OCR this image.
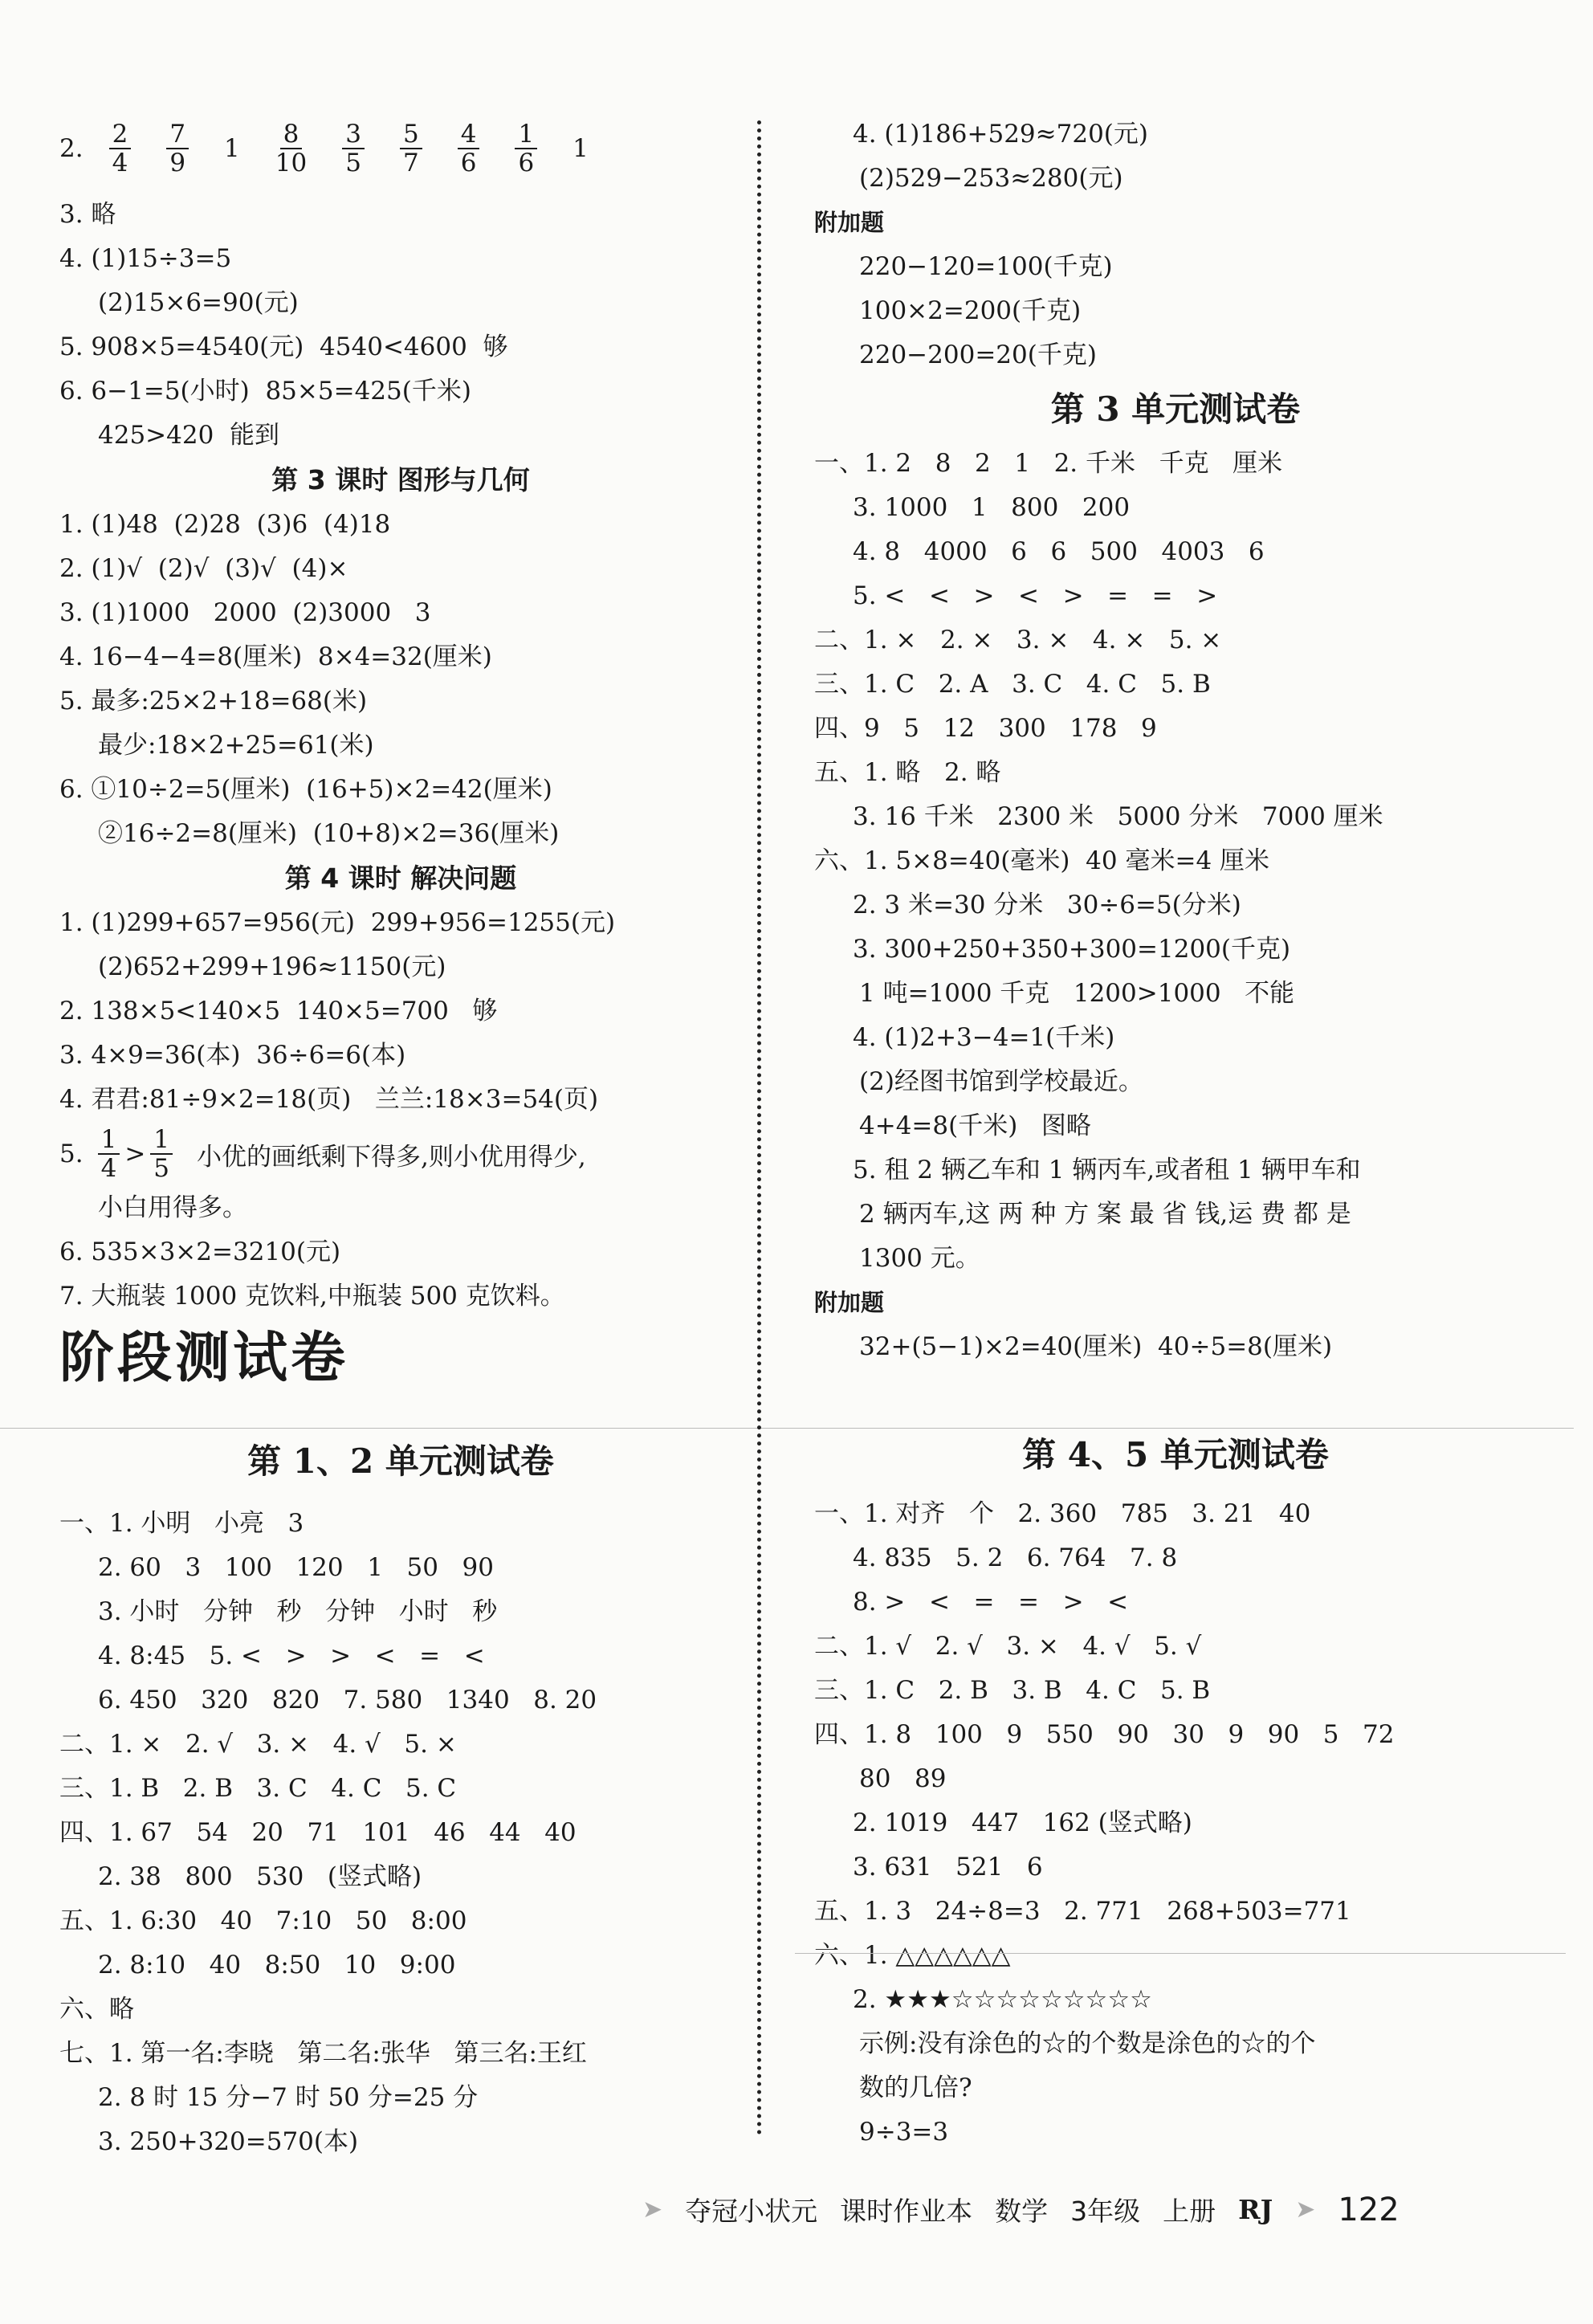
2. $\frac{2}{4} \frac{7}{9} 1 \frac{8}{10} \frac{3}{5} \frac{5}{7} \frac{4}{6} \frac{1}{6} 1$
3. 略
4. (1)15÷3=5
(2)15×6=90(元)
5. 908×5=4540(元)  4540<4600  够
6. 6−1=5(小时)  85×5=425(千米)
425>420  能到
第 3 课时 图形与几何
1. (1)48  (2)28  (3)6  (4)18
2. (1)√  (2)√  (3)√  (4)×
3. (1)1000   2000  (2)3000   3
4. 16−4−4=8(厘米)  8×4=32(厘米)
5. 最多:25×2+18=68(米)
最少:18×2+25=61(米)
6. ①10÷2=5(厘米)  (16+5)×2=42(厘米)
②16÷2=8(厘米)  (10+8)×2=36(厘米)
第 4 课时 解决问题
1. (1)299+657=956(元)  299+956=1255(元)
(2)652+299+196≈1150(元)
2. 138×5<140×5  140×5=700   够
3. 4×9=36(本)  36÷6=6(本)
4. 君君:81÷9×2=18(页)   兰兰:18×3=54(页)
5. $\frac{1}{4} > \frac{1}{5}$ 小优的画纸剩下得多,则小优用得少,
小白用得多。
6. 535×3×2=3210(元)
7. 大瓶装 1000 克饮料,中瓶装 500 克饮料。
阶段测试卷
第 1、2 单元测试卷
一、1. 小明   小亮   3
2. 60   3   100   120   1   50   90
3. 小时   分钟   秒   分钟   小时   秒
4. 8:45   5. <   >   >   <   =   <
6. 450   320   820   7. 580   1340   8. 20
二、1. ×   2. √   3. ×   4. √   5. ×
三、1. B   2. B   3. C   4. C   5. C
四、1. 67   54   20   71   101   46   44   40
2. 38   800   530   (竖式略)
五、1. 6:30   40   7:10   50   8:00
2. 8:10   40   8:50   10   9:00
六、略
七、1. 第一名:李晓   第二名:张华   第三名:王红
2. 8 时 15 分−7 时 50 分=25 分
3. 250+320=570(本)
4. (1)186+529≈720(元)
(2)529−253≈280(元)
附加题
220−120=100(千克)
100×2=200(千克)
220−200=20(千克)
第 3 单元测试卷
一、1. 2   8   2   1   2. 千米   千克   厘米
3. 1000   1   800   200
4. 8   4000   6   6   500   4003   6
5. <   <   >   <   >   =   =   >
二、1. ×   2. ×   3. ×   4. ×   5. ×
三、1. C   2. A   3. C   4. C   5. B
四、9   5   12   300   178   9
五、1. 略   2. 略
3. 16 千米   2300 米   5000 分米   7000 厘米
六、1. 5×8=40(毫米)  40 毫米=4 厘米
2. 3 米=30 分米   30÷6=5(分米)
3. 300+250+350+300=1200(千克)
1 吨=1000 千克   1200>1000   不能
4. (1)2+3−4=1(千米)
(2)经图书馆到学校最近。
4+4=8(千米)   图略
5. 租 2 辆乙车和 1 辆丙车,或者租 1 辆甲车和
2 辆丙车,这 两 种 方 案 最 省 钱,运 费 都 是
1300 元。
附加题
32+(5−1)×2=40(厘米)  40÷5=8(厘米)
第 4、5 单元测试卷
一、1. 对齐   个   2. 360   785   3. 21   40
4. 835   5. 2   6. 764   7. 8
8. >   <   =   =   >   <
二、1. √   2. √   3. ×   4. √   5. √
三、1. C   2. B   3. B   4. C   5. B
四、1. 8   100   9   550   90   30   9   90   5   72
80   89
2. 1019   447   162 (竖式略)
3. 631   521   6
五、1. 3   24÷8=3   2. 771   268+503=771
六、1. △△△△△△
2. ★★★☆☆☆☆☆☆☆☆☆
示例:没有涂色的☆的个数是涂色的☆的个
数的几倍?
9÷3=3
➤ 夺冠小状元 课时作业本 数学 3年级 上册 RJ ➤ 122
